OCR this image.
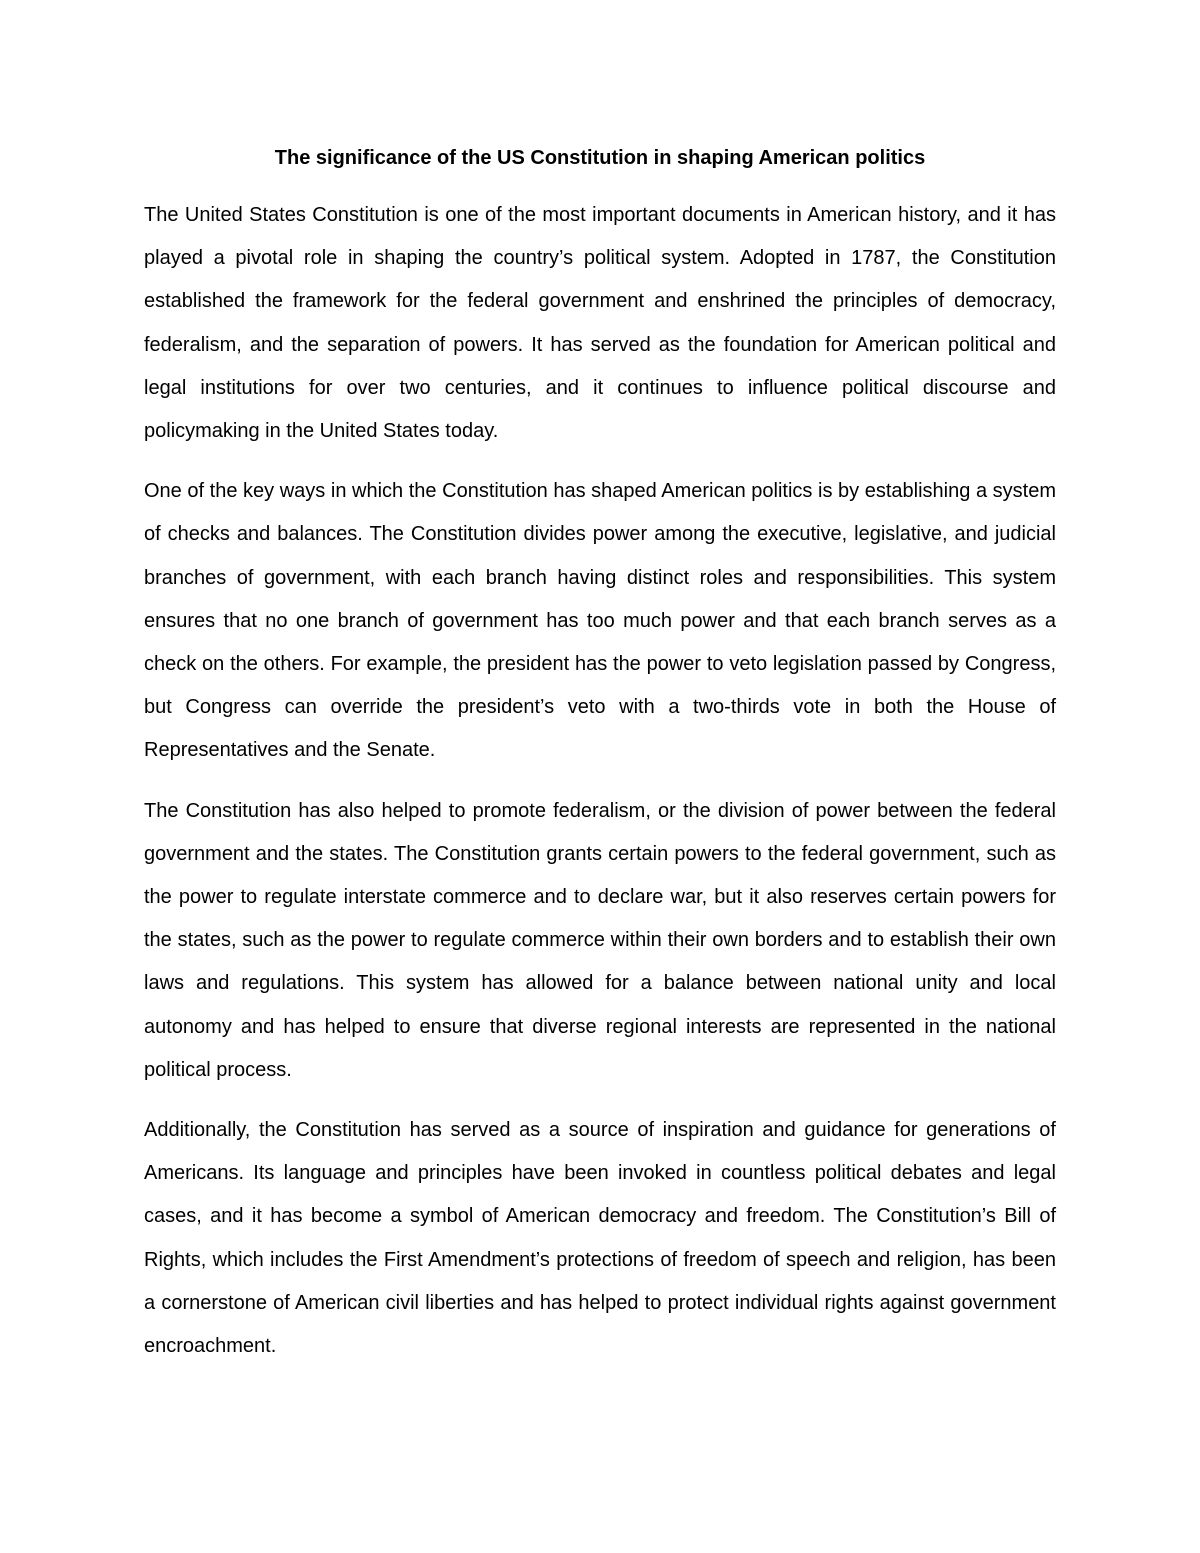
The significance of the US Constitution in shaping American politics

The United States Constitution is one of the most important documents in American history, and it has played a pivotal role in shaping the country’s political system. Adopted in 1787, the Constitution established the framework for the federal government and enshrined the principles of democracy, federalism, and the separation of powers. It has served as the foundation for American political and legal institutions for over two centuries, and it continues to influence political discourse and policymaking in the United States today.

One of the key ways in which the Constitution has shaped American politics is by establishing a system of checks and balances. The Constitution divides power among the executive, legislative, and judicial branches of government, with each branch having distinct roles and responsibilities. This system ensures that no one branch of government has too much power and that each branch serves as a check on the others. For example, the president has the power to veto legislation passed by Congress, but Congress can override the president’s veto with a two-thirds vote in both the House of Representatives and the Senate.

The Constitution has also helped to promote federalism, or the division of power between the federal government and the states. The Constitution grants certain powers to the federal government, such as the power to regulate interstate commerce and to declare war, but it also reserves certain powers for the states, such as the power to regulate commerce within their own borders and to establish their own laws and regulations. This system has allowed for a balance between national unity and local autonomy and has helped to ensure that diverse regional interests are represented in the national political process.

Additionally, the Constitution has served as a source of inspiration and guidance for generations of Americans. Its language and principles have been invoked in countless political debates and legal cases, and it has become a symbol of American democracy and freedom. The Constitution’s Bill of Rights, which includes the First Amendment’s protections of freedom of speech and religion, has been a cornerstone of American civil liberties and has helped to protect individual rights against government encroachment.
